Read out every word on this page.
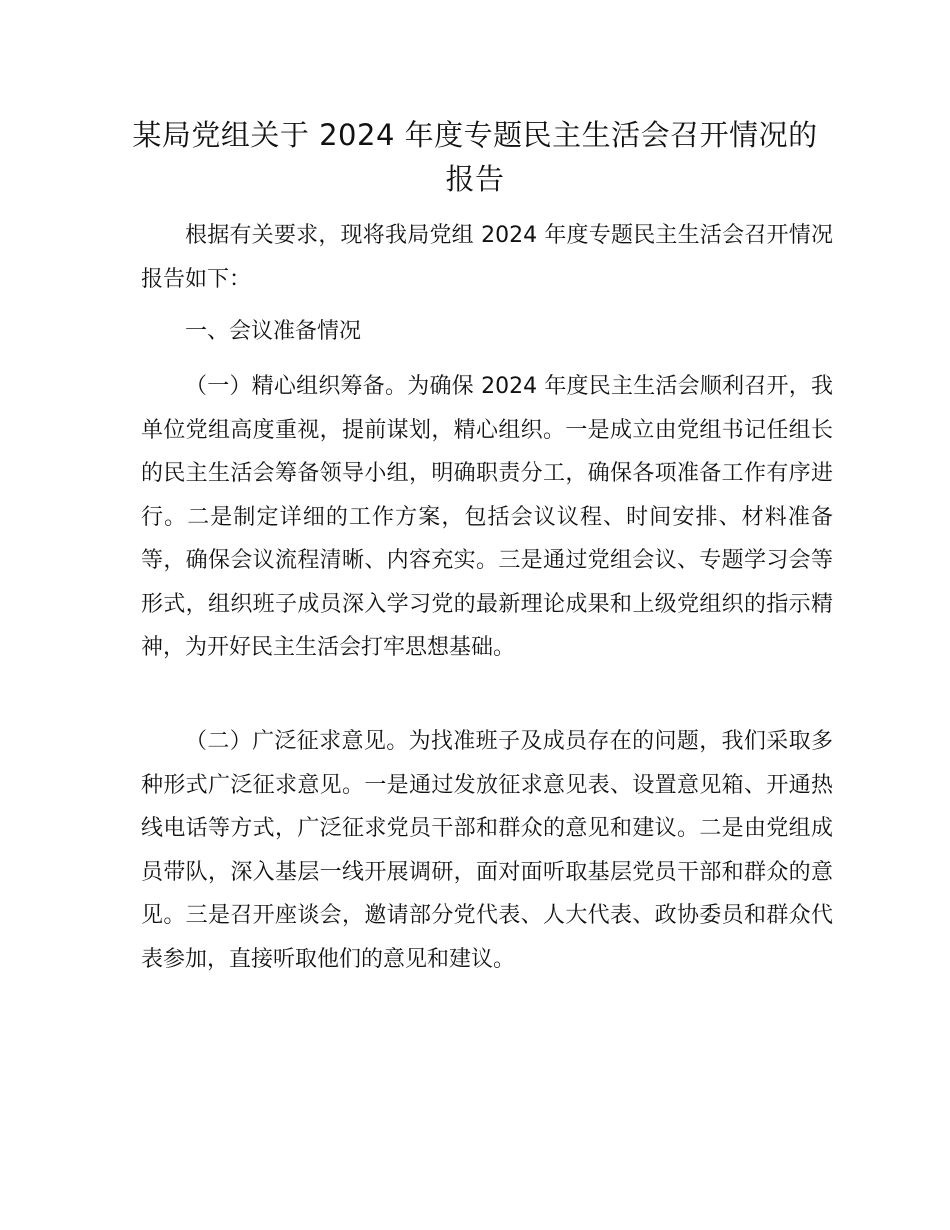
某局党组关于 2024 年度专题民主生活会召开情况的报告

根据有关要求，现将我局党组 2024 年度专题民主生活会召开情况报告如下：

一、会议准备情况

（一）精心组织筹备。为确保 2024 年度民主生活会顺利召开，我单位党组高度重视，提前谋划，精心组织。一是成立由党组书记任组长的民主生活会筹备领导小组，明确职责分工，确保各项准备工作有序进行。二是制定详细的工作方案，包括会议议程、时间安排、材料准备等，确保会议流程清晰、内容充实。三是通过党组会议、专题学习会等形式，组织班子成员深入学习党的最新理论成果和上级党组织的指示精神，为开好民主生活会打牢思想基础。

（二）广泛征求意见。为找准班子及成员存在的问题，我们采取多种形式广泛征求意见。一是通过发放征求意见表、设置意见箱、开通热线电话等方式，广泛征求党员干部和群众的意见和建议。二是由党组成员带队，深入基层一线开展调研，面对面听取基层党员干部和群众的意见。三是召开座谈会，邀请部分党代表、人大代表、政协委员和群众代表参加，直接听取他们的意见和建议。
